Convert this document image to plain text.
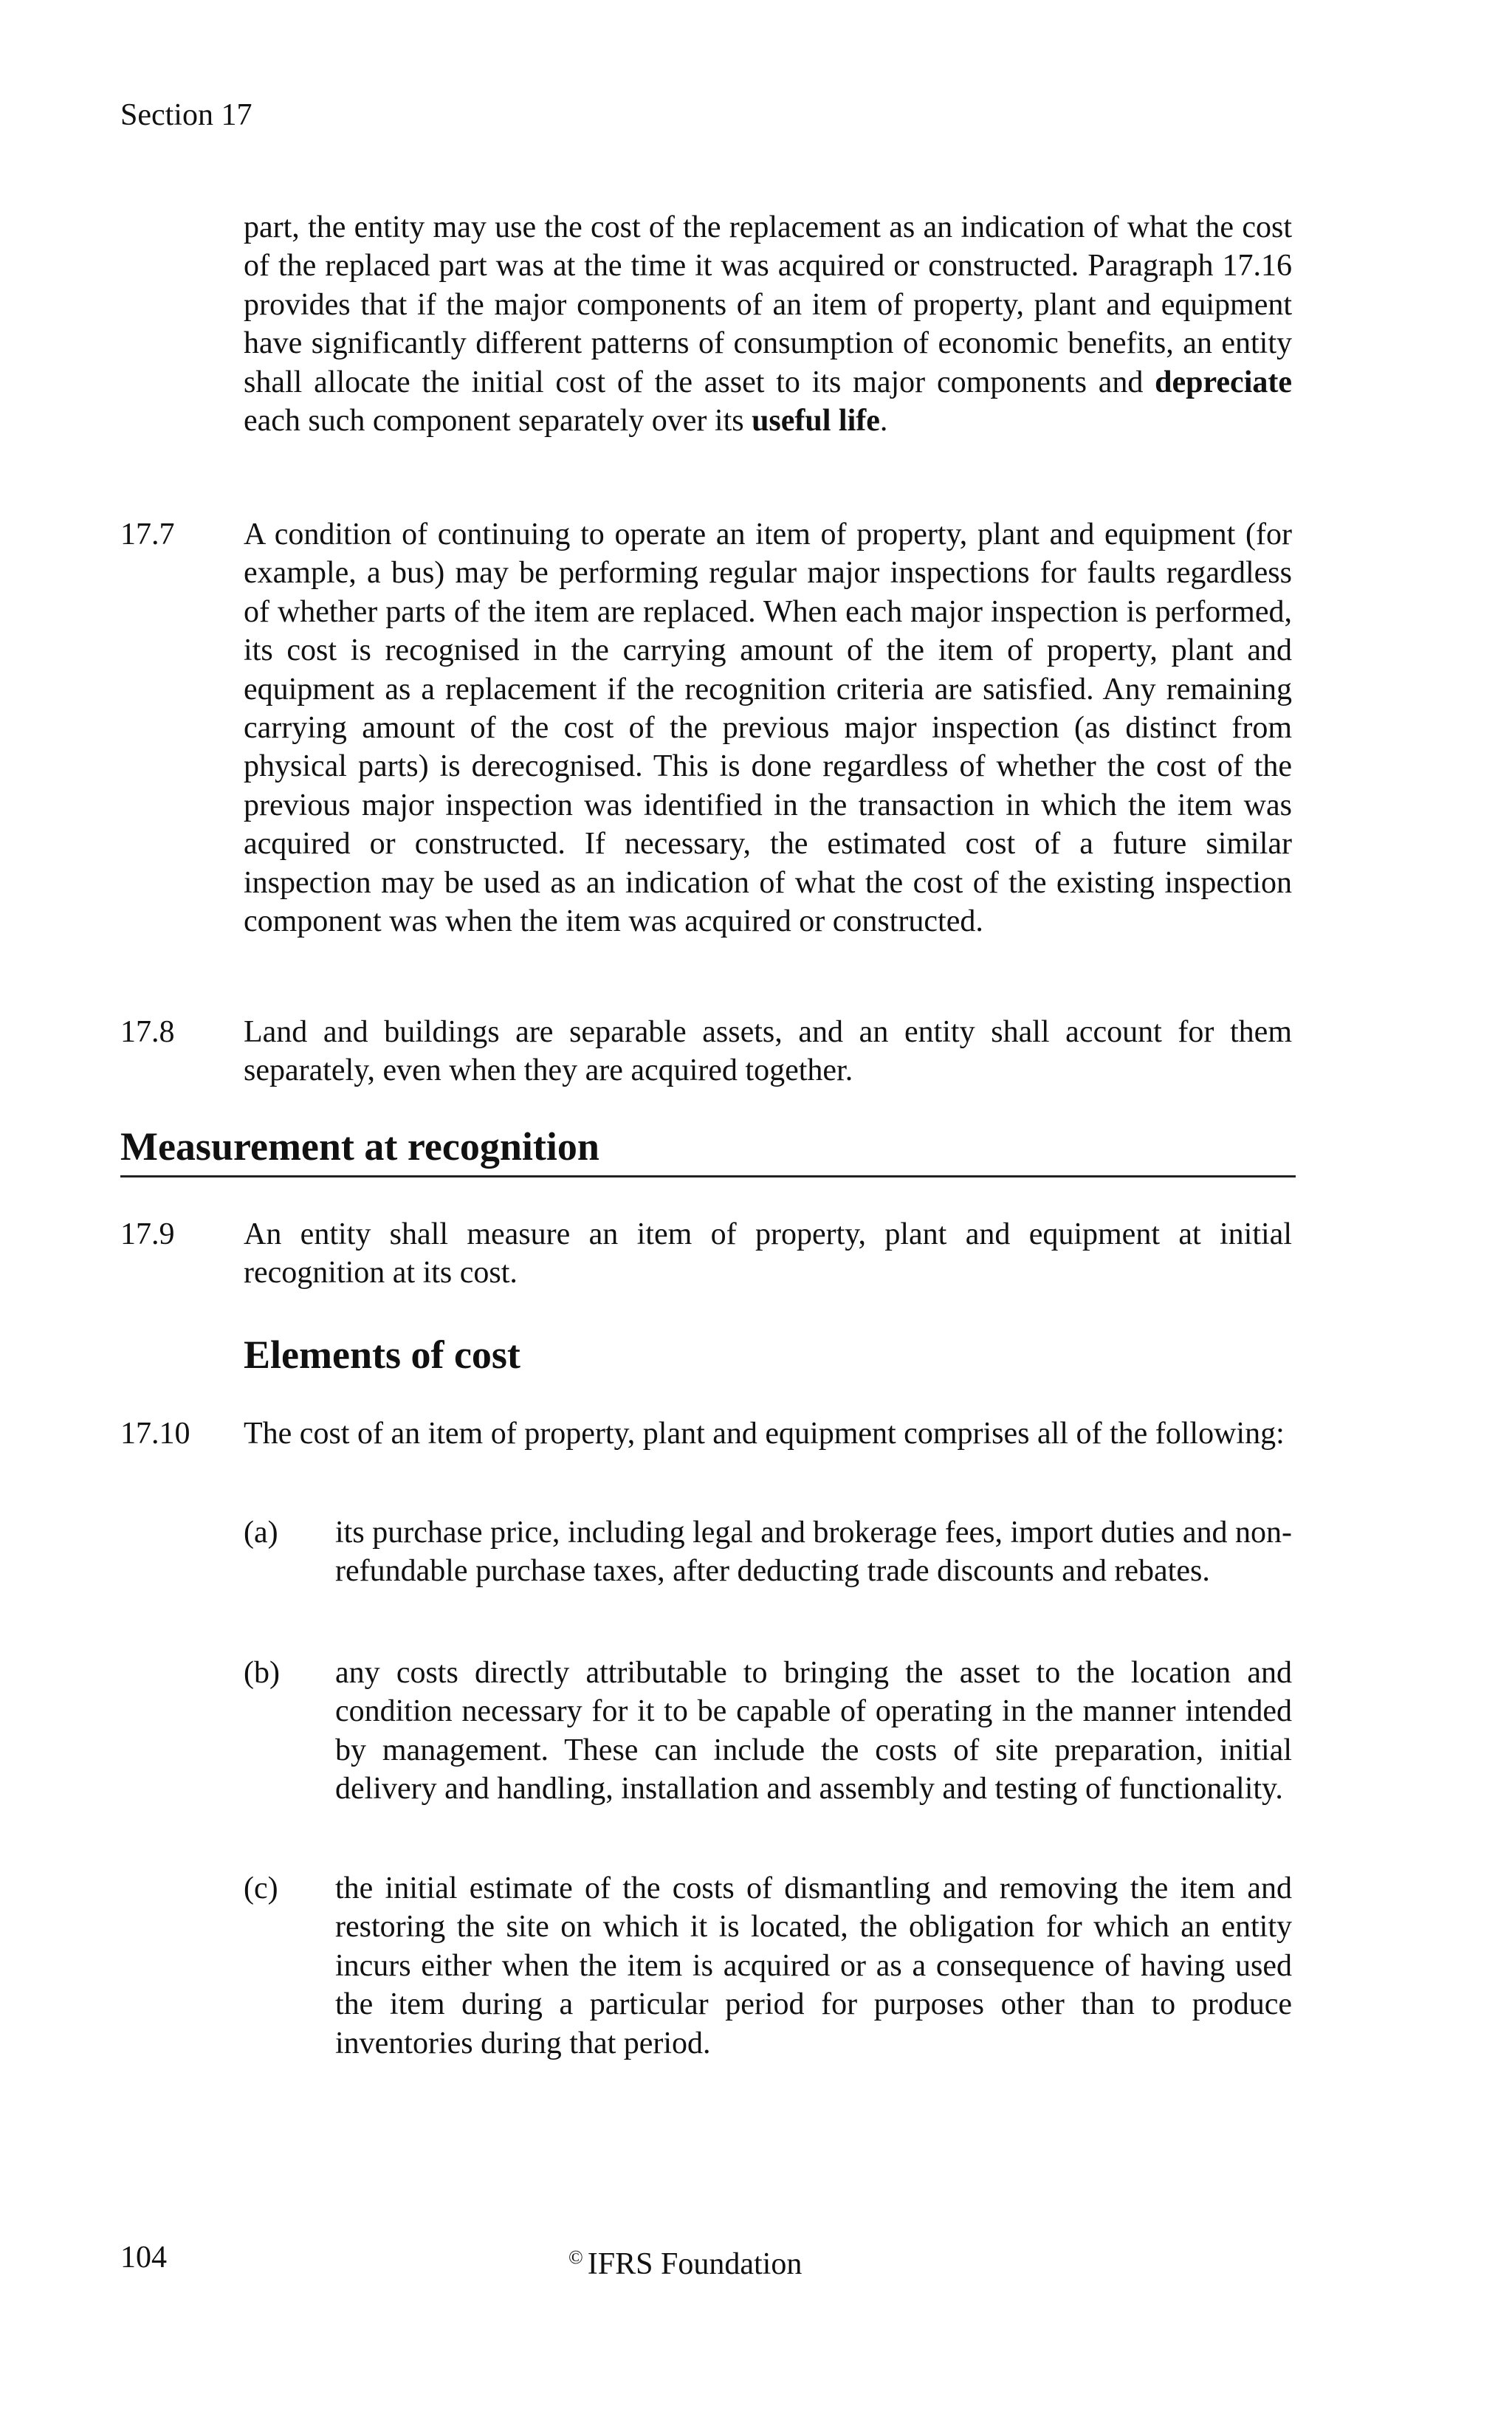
Section 17
part, the entity may use the cost of the replacement as an indication of what the cost of the replaced part was at the time it was acquired or constructed. Paragraph 17.16 provides that if the major components of an item of property, plant and equipment have significantly different patterns of consumption of economic benefits, an entity shall allocate the initial cost of the asset to its major components and depreciate each such component separately over its useful life.
17.7 A condition of continuing to operate an item of property, plant and equipment (for example, a bus) may be performing regular major inspections for faults regardless of whether parts of the item are replaced. When each major inspection is performed, its cost is recognised in the carrying amount of the item of property, plant and equipment as a replacement if the recognition criteria are satisfied. Any remaining carrying amount of the cost of the previous major inspection (as distinct from physical parts) is derecognised. This is done regardless of whether the cost of the previous major inspection was identified in the transaction in which the item was acquired or constructed. If necessary, the estimated cost of a future similar inspection may be used as an indication of what the cost of the existing inspection component was when the item was acquired or constructed.
17.8 Land and buildings are separable assets, and an entity shall account for them separately, even when they are acquired together.
Measurement at recognition
17.9 An entity shall measure an item of property, plant and equipment at initial recognition at its cost.
Elements of cost
17.10 The cost of an item of property, plant and equipment comprises all of the following:
(a) its purchase price, including legal and brokerage fees, import duties and non-refundable purchase taxes, after deducting trade discounts and rebates.
(b) any costs directly attributable to bringing the asset to the location and condition necessary for it to be capable of operating in the manner intended by management. These can include the costs of site preparation, initial delivery and handling, installation and assembly and testing of functionality.
(c) the initial estimate of the costs of dismantling and removing the item and restoring the site on which it is located, the obligation for which an entity incurs either when the item is acquired or as a consequence of having used the item during a particular period for purposes other than to produce inventories during that period.
104	© IFRS Foundation
